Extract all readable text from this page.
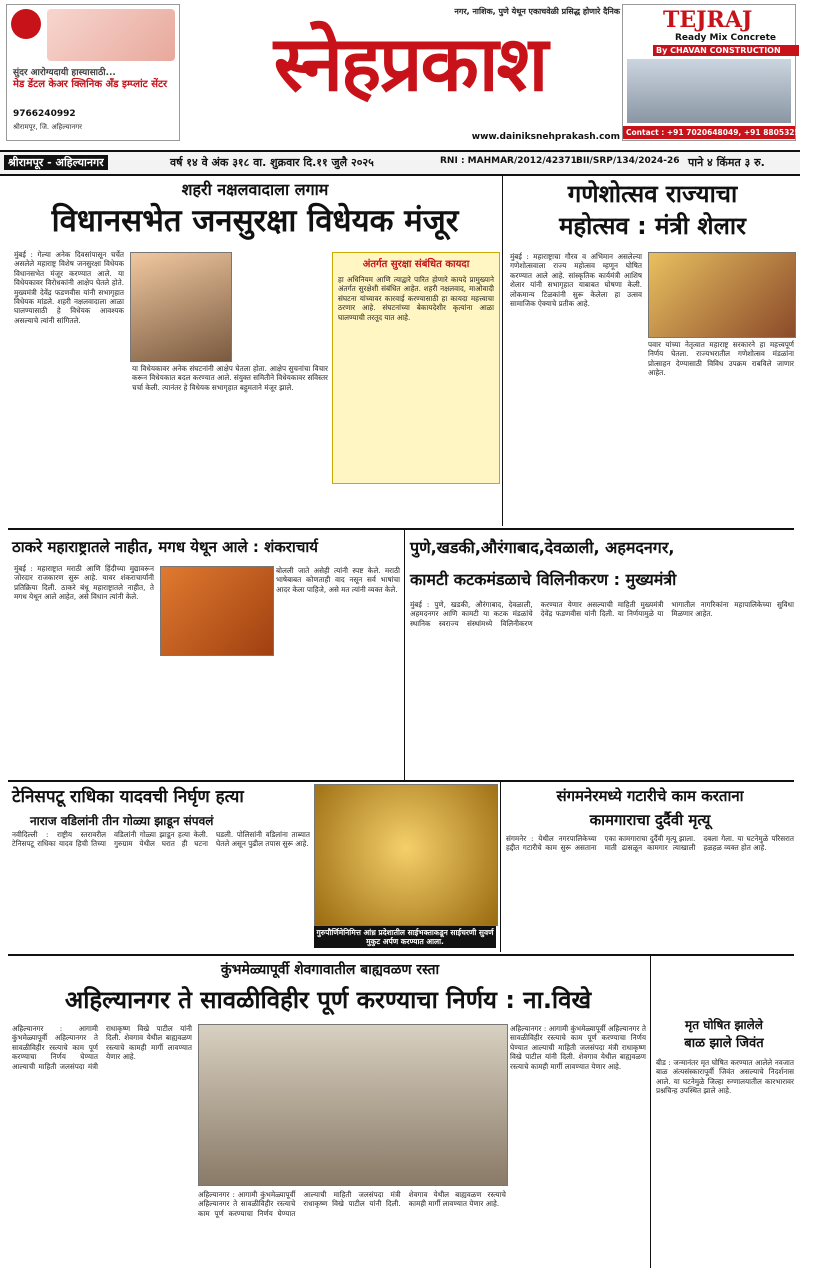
सुंदर आरोग्यदायी हास्यासाठी...
मेड डेंटल केअर क्लिनिक अँड इम्प्लांट सेंटर
9766240992
श्रीरामपूर, जि. अहिल्यानगर
नगर, नाशिक, पुणे येथून एकाचवेळी प्रसिद्ध होणारे दैनिक
स्नेहप्रकाश
www.dainiksnehprakash.com
TEJRAJ
Ready Mix Concrete
By CHAVAN CONSTRUCTION
Contact : +91 7020648049, +91 8805325932
श्रीरामपूर - अहिल्यानगर	वर्ष १४ वे अंक ३१८ वा. शुक्रवार दि.११ जुलै २०२५	RNI : MAHMAR/2012/42371 BII/SRP/134/2024-26 पाने ४ किंमत ३ रु.
शहरी नक्षलवादाला लगाम
विधानसभेत जनसुरक्षा विधेयक मंजूर
मुंबई : गेल्या अनेक दिवसांपासून चर्चेत असलेले महाराष्ट्र विशेष जनसुरक्षा विधेयक विधानसभेत मंजूर करण्यात आले. या विधेयकावर विरोधकांनी आक्षेप घेतले होते. मुख्यमंत्री देवेंद्र फडणवीस यांनी सभागृहात विधेयक मांडले. शहरी नक्षलवादाला आळा घालण्यासाठी हे विधेयक आवश्यक असल्याचे त्यांनी सांगितले.
या विधेयकावर अनेक संघटनांनी आक्षेप घेतला होता. आक्षेप सुचनांचा विचार करून विधेयकात बदल करण्यात आले. संयुक्त समितीने विधेयकावर सविस्तर चर्चा केली. त्यानंतर हे विधेयक सभागृहात बहुमताने मंजूर झाले.
अंतर्गत सुरक्षा संबंधित कायदा
हा अधिनियम आणि त्याद्वारे पारित होणारे कायदे प्रामुख्याने अंतर्गत सुरक्षेशी संबंधित आहेत. शहरी नक्षलवाद, माओवादी संघटना यांच्यावर कारवाई करण्यासाठी हा कायदा महत्त्वाचा ठरणार आहे. संघटनांच्या बेकायदेशीर कृत्यांना आळा घालण्याची तरतूद यात आहे.
गणेशोत्सव राज्याचा
महोत्सव : मंत्री शेलार
मुंबई : महाराष्ट्राचा गौरव व अभिमान असलेल्या गणेशोत्सवाला राज्य महोत्सव म्हणून घोषित करण्यात आले आहे. सांस्कृतिक कार्यमंत्री आशिष शेलार यांनी सभागृहात याबाबत घोषणा केली. लोकमान्य टिळकांनी सुरू केलेला हा उत्सव सामाजिक ऐक्याचे प्रतीक आहे.
पवार यांच्या नेतृत्वात महाराष्ट्र सरकारने हा महत्त्वपूर्ण निर्णय घेतला. राज्यभरातील गणेशोत्सव मंडळांना प्रोत्साहन देण्यासाठी विविध उपक्रम राबविले जाणार आहेत.
ठाकरे महाराष्ट्रातले नाहीत, मगध येथून आले : शंकराचार्य
मुंबई : महाराष्ट्रात मराठी आणि हिंदीच्या मुद्यावरून जोरदार राजकारण सुरू आहे. यावर शंकराचार्यांनी प्रतिक्रिया दिली. ठाकरे बंधू महाराष्ट्रातले नाहीत, ते मगध येथून आले आहेत, असे विधान त्यांनी केले.
बोलली जाते असेही त्यांनी स्पष्ट केले. मराठी भाषेबाबत कोणताही वाद नसून सर्व भाषांचा आदर केला पाहिजे, असे मत त्यांनी व्यक्त केले.
पुणे,खडकी,औरंगाबाद,देवळाली, अहमदनगर,
कामटी कटकमंडळाचे विलिनीकरण : मुख्यमंत्री
मुंबई : पुणे, खडकी, औरंगाबाद, देवळाली, अहमदनगर आणि कामटी या कटक मंडळांचे स्थानिक स्वराज्य संस्थांमध्ये विलिनीकरण करण्यात येणार असल्याची माहिती मुख्यमंत्री देवेंद्र फडणवीस यांनी दिली. या निर्णयामुळे या भागातील नागरिकांना महापालिकेच्या सुविधा मिळणार आहेत.
टेनिसपटू राधिका यादवची निर्घृण हत्या
नाराज वडिलांनी तीन गोळ्या झाडून संपवलं
नवीदिल्ली : राष्ट्रीय स्तरावरील टेनिसपटू राधिका यादव हिची तिच्या वडिलांनी गोळ्या झाडून हत्या केली. गुरुग्राम येथील घरात ही घटना घडली. पोलिसांनी वडिलांना ताब्यात घेतले असून पुढील तपास सुरू आहे.
गुरुपौर्णिमेनिमित्त आंध्र प्रदेशातील साईभक्ताकडून साईचरणी सुवर्ण मुकुट अर्पण करण्यात आला.
संगमनेरमध्ये गटारीचे काम करताना
कामगाराचा दुर्दैवी मृत्यू
संगमनेर : येथील नगरपालिकेच्या हद्दीत गटारीचे काम सुरू असताना एका कामगाराचा दुर्दैवी मृत्यू झाला. माती ढासळून कामगार त्याखाली दबला गेला. या घटनेमुळे परिसरात हळहळ व्यक्त होत आहे.
कुंभमेळ्यापूर्वी शेवगावातील बाह्यवळण रस्ता
अहिल्यानगर ते सावळीविहीर पूर्ण करण्याचा निर्णय : ना.विखे
अहिल्यानगर : आगामी कुंभमेळ्यापूर्वी अहिल्यानगर ते सावळीविहीर रस्त्याचे काम पूर्ण करण्याचा निर्णय घेण्यात आल्याची माहिती जलसंपदा मंत्री राधाकृष्ण विखे पाटील यांनी दिली. शेवगाव येथील बाह्यवळण रस्त्याचे कामही मार्गी लावण्यात येणार आहे.
अहिल्यानगर : आगामी कुंभमेळ्यापूर्वी अहिल्यानगर ते सावळीविहीर रस्त्याचे काम पूर्ण करण्याचा निर्णय घेण्यात आल्याची माहिती जलसंपदा मंत्री राधाकृष्ण विखे पाटील यांनी दिली. शेवगाव येथील बाह्यवळण रस्त्याचे कामही मार्गी लावण्यात येणार आहे.
अहिल्यानगर : आगामी कुंभमेळ्यापूर्वी अहिल्यानगर ते सावळीविहीर रस्त्याचे काम पूर्ण करण्याचा निर्णय घेण्यात आल्याची माहिती जलसंपदा मंत्री राधाकृष्ण विखे पाटील यांनी दिली. शेवगाव येथील बाह्यवळण रस्त्याचे कामही मार्गी लावण्यात येणार आहे.
मृत घोषित झालेले
बाळ झाले जिवंत
बीड : जन्मानंतर मृत घोषित करण्यात आलेले नवजात बाळ अंत्यसंस्कारापूर्वी जिवंत असल्याचे निदर्शनास आले. या घटनेमुळे जिल्हा रुग्णालयातील कारभारावर प्रश्नचिन्ह उपस्थित झाले आहे.
